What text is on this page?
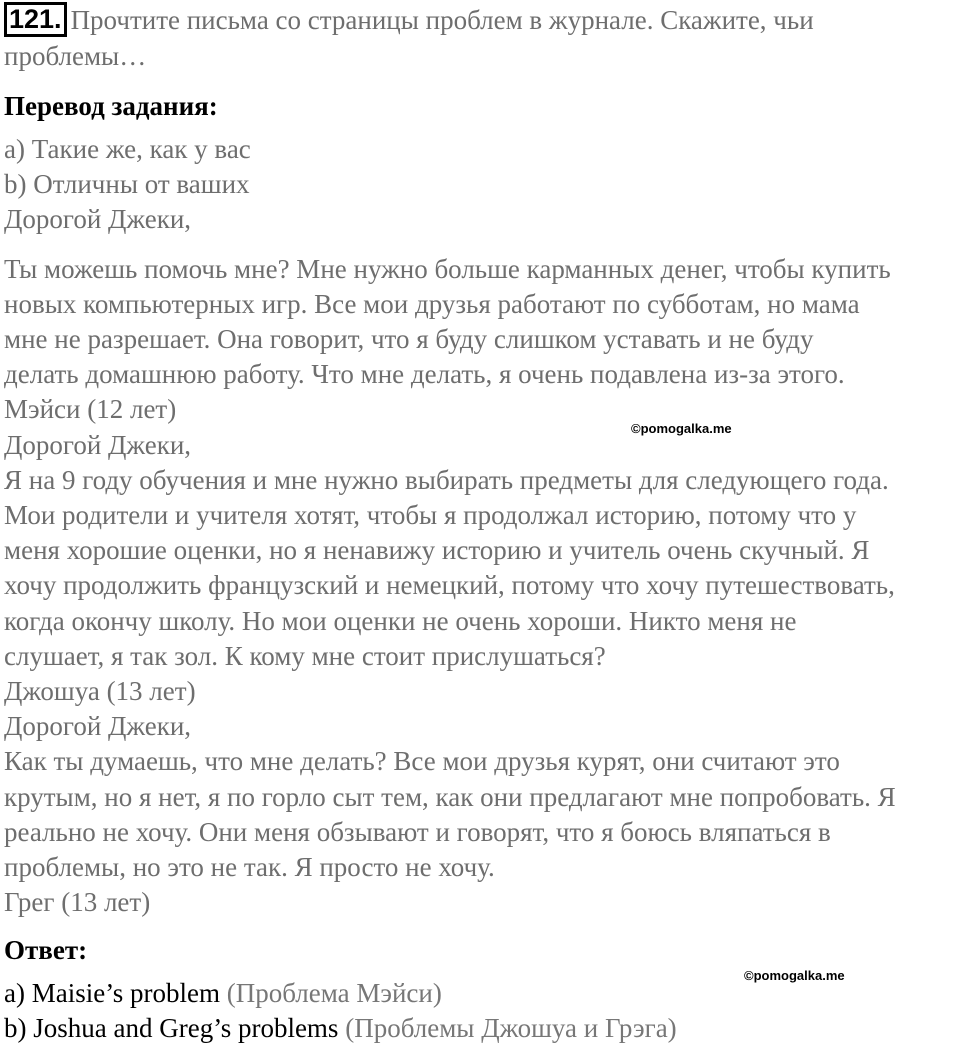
121. Прочтите письма со страницы проблем в журнале. Скажите, чьи
проблемы…
Перевод задания:
a) Такие же, как у вас
b) Отличны от ваших
Дорогой Джеки,
Ты можешь помочь мне? Мне нужно больше карманных денег, чтобы купить
новых компьютерных игр. Все мои друзья работают по субботам, но мама
мне не разрешает. Она говорит, что я буду слишком уставать и не буду
делать домашнюю работу. Что мне делать, я очень подавлена из-за этого.
Мэйси (12 лет)
Дорогой Джеки,
Я на 9 году обучения и мне нужно выбирать предметы для следующего года.
Мои родители и учителя хотят, чтобы я продолжал историю, потому что у
меня хорошие оценки, но я ненавижу историю и учитель очень скучный. Я
хочу продолжить французский и немецкий, потому что хочу путешествовать,
когда окончу школу. Но мои оценки не очень хороши. Никто меня не
слушает, я так зол. К кому мне стоит прислушаться?
Джошуа (13 лет)
Дорогой Джеки,
Как ты думаешь, что мне делать? Все мои друзья курят, они считают это
крутым, но я нет, я по горло сыт тем, как они предлагают мне попробовать. Я
реально не хочу. Они меня обзывают и говорят, что я боюсь вляпаться в
проблемы, но это не так. Я просто не хочу.
Грег (13 лет)
Ответ:
a) Maisie’s problem (Проблема Мэйси)
b) Joshua and Greg’s problems (Проблемы Джошуа и Грэга)
©pomogalka.me
©pomogalka.me
